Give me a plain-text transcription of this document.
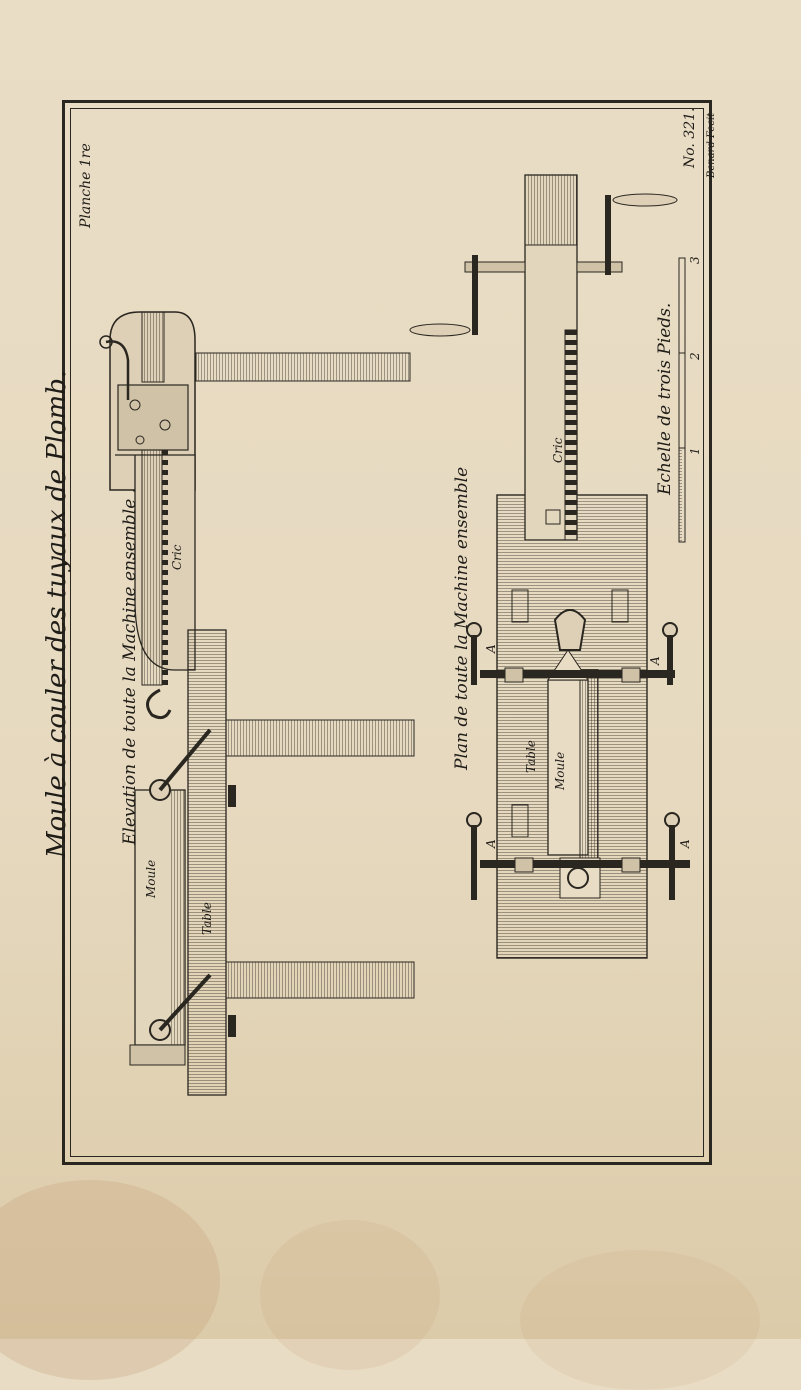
Moule à couler des tuyaux de Plomb.
Planche 1re
Elevation de toute la Machine ensemble .	Plan de toute la Machine ensemble
Echelle de trois Pieds.
No. 321. Benard Fecit
1
2
3
Moule
Table
Cric
Moule
Table
Cric
A
A
A	A
